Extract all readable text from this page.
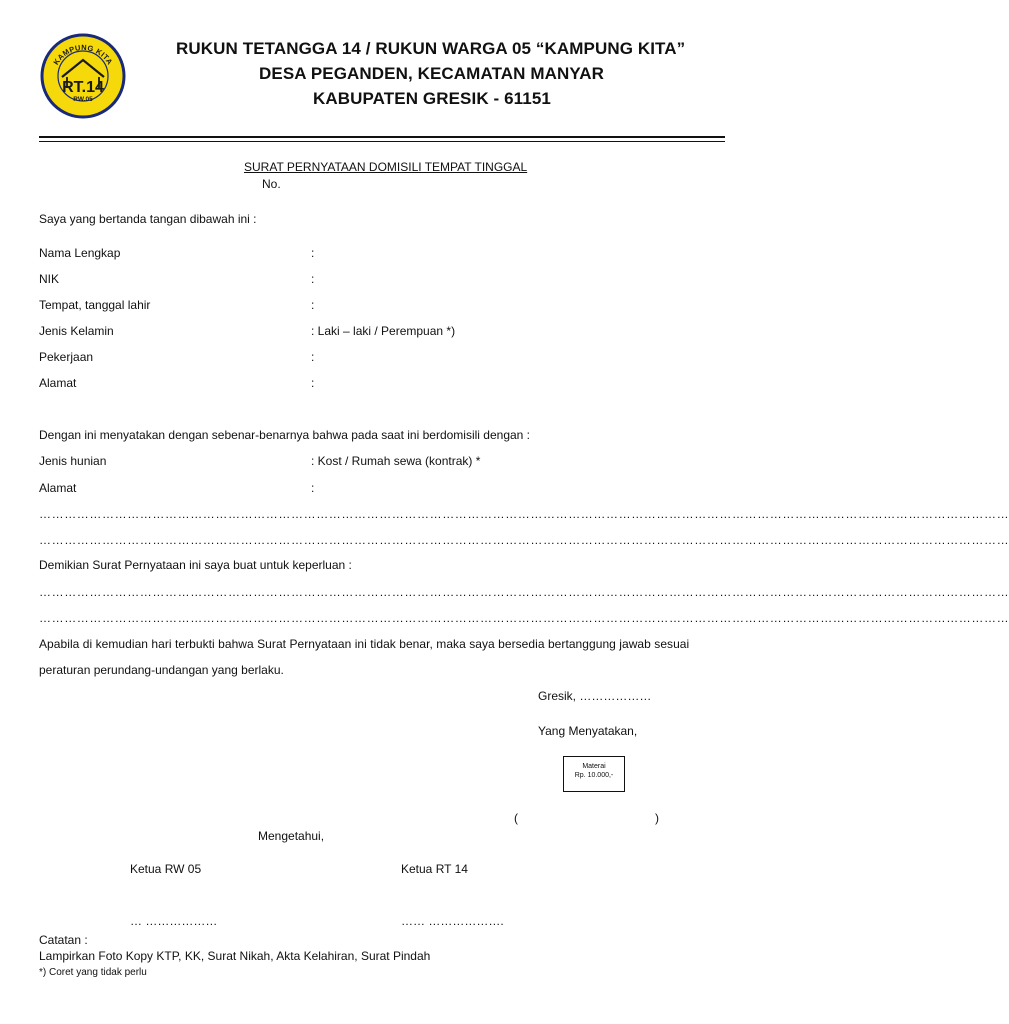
KAMPUNG KITA
RT.14
RW.05
RUKUN TETANGGA 14 / RUKUN WARGA 05 “KAMPUNG KITA”
DESA PEGANDEN, KECAMATAN MANYAR
KABUPATEN GRESIK - 61151
SURAT PERNYATAAN DOMISILI TEMPAT TINGGAL
No.
Saya yang bertanda tangan dibawah ini :
Nama Lengkap	:
NIK	:
Tempat, tanggal lahir	:
Jenis Kelamin	: Laki – laki / Perempuan *)
Pekerjaan	:
Alamat	:
Dengan ini menyatakan dengan sebenar-benarnya bahwa pada saat ini berdomisili dengan :
Jenis hunian	: Kost / Rumah sewa (kontrak) *
Alamat	:
……………………………………………………………………………………………………………………………………………………………………………………………………………
……………………………………………………………………………………………………………………………………………………………………………………………………………
Demikian Surat Pernyataan ini saya buat untuk keperluan :
……………………………………………………………………………………………………………………………………………………………………………………………………………
……………………………………………………………………………………………………………………………………………………………………………………………………………
Apabila di kemudian hari terbukti bahwa Surat Pernyataan ini tidak benar, maka saya bersedia bertanggung jawab sesuai
peraturan perundang-undangan yang berlaku.
Gresik, ………………
Yang Menyatakan,
Materai
Rp. 10.000,-
(	)
Mengetahui,
Ketua RW 05	Ketua RT 14
… ………………	…… ……………….
Catatan :
Lampirkan Foto Kopy KTP, KK, Surat Nikah, Akta Kelahiran, Surat Pindah
*) Coret yang tidak perlu
